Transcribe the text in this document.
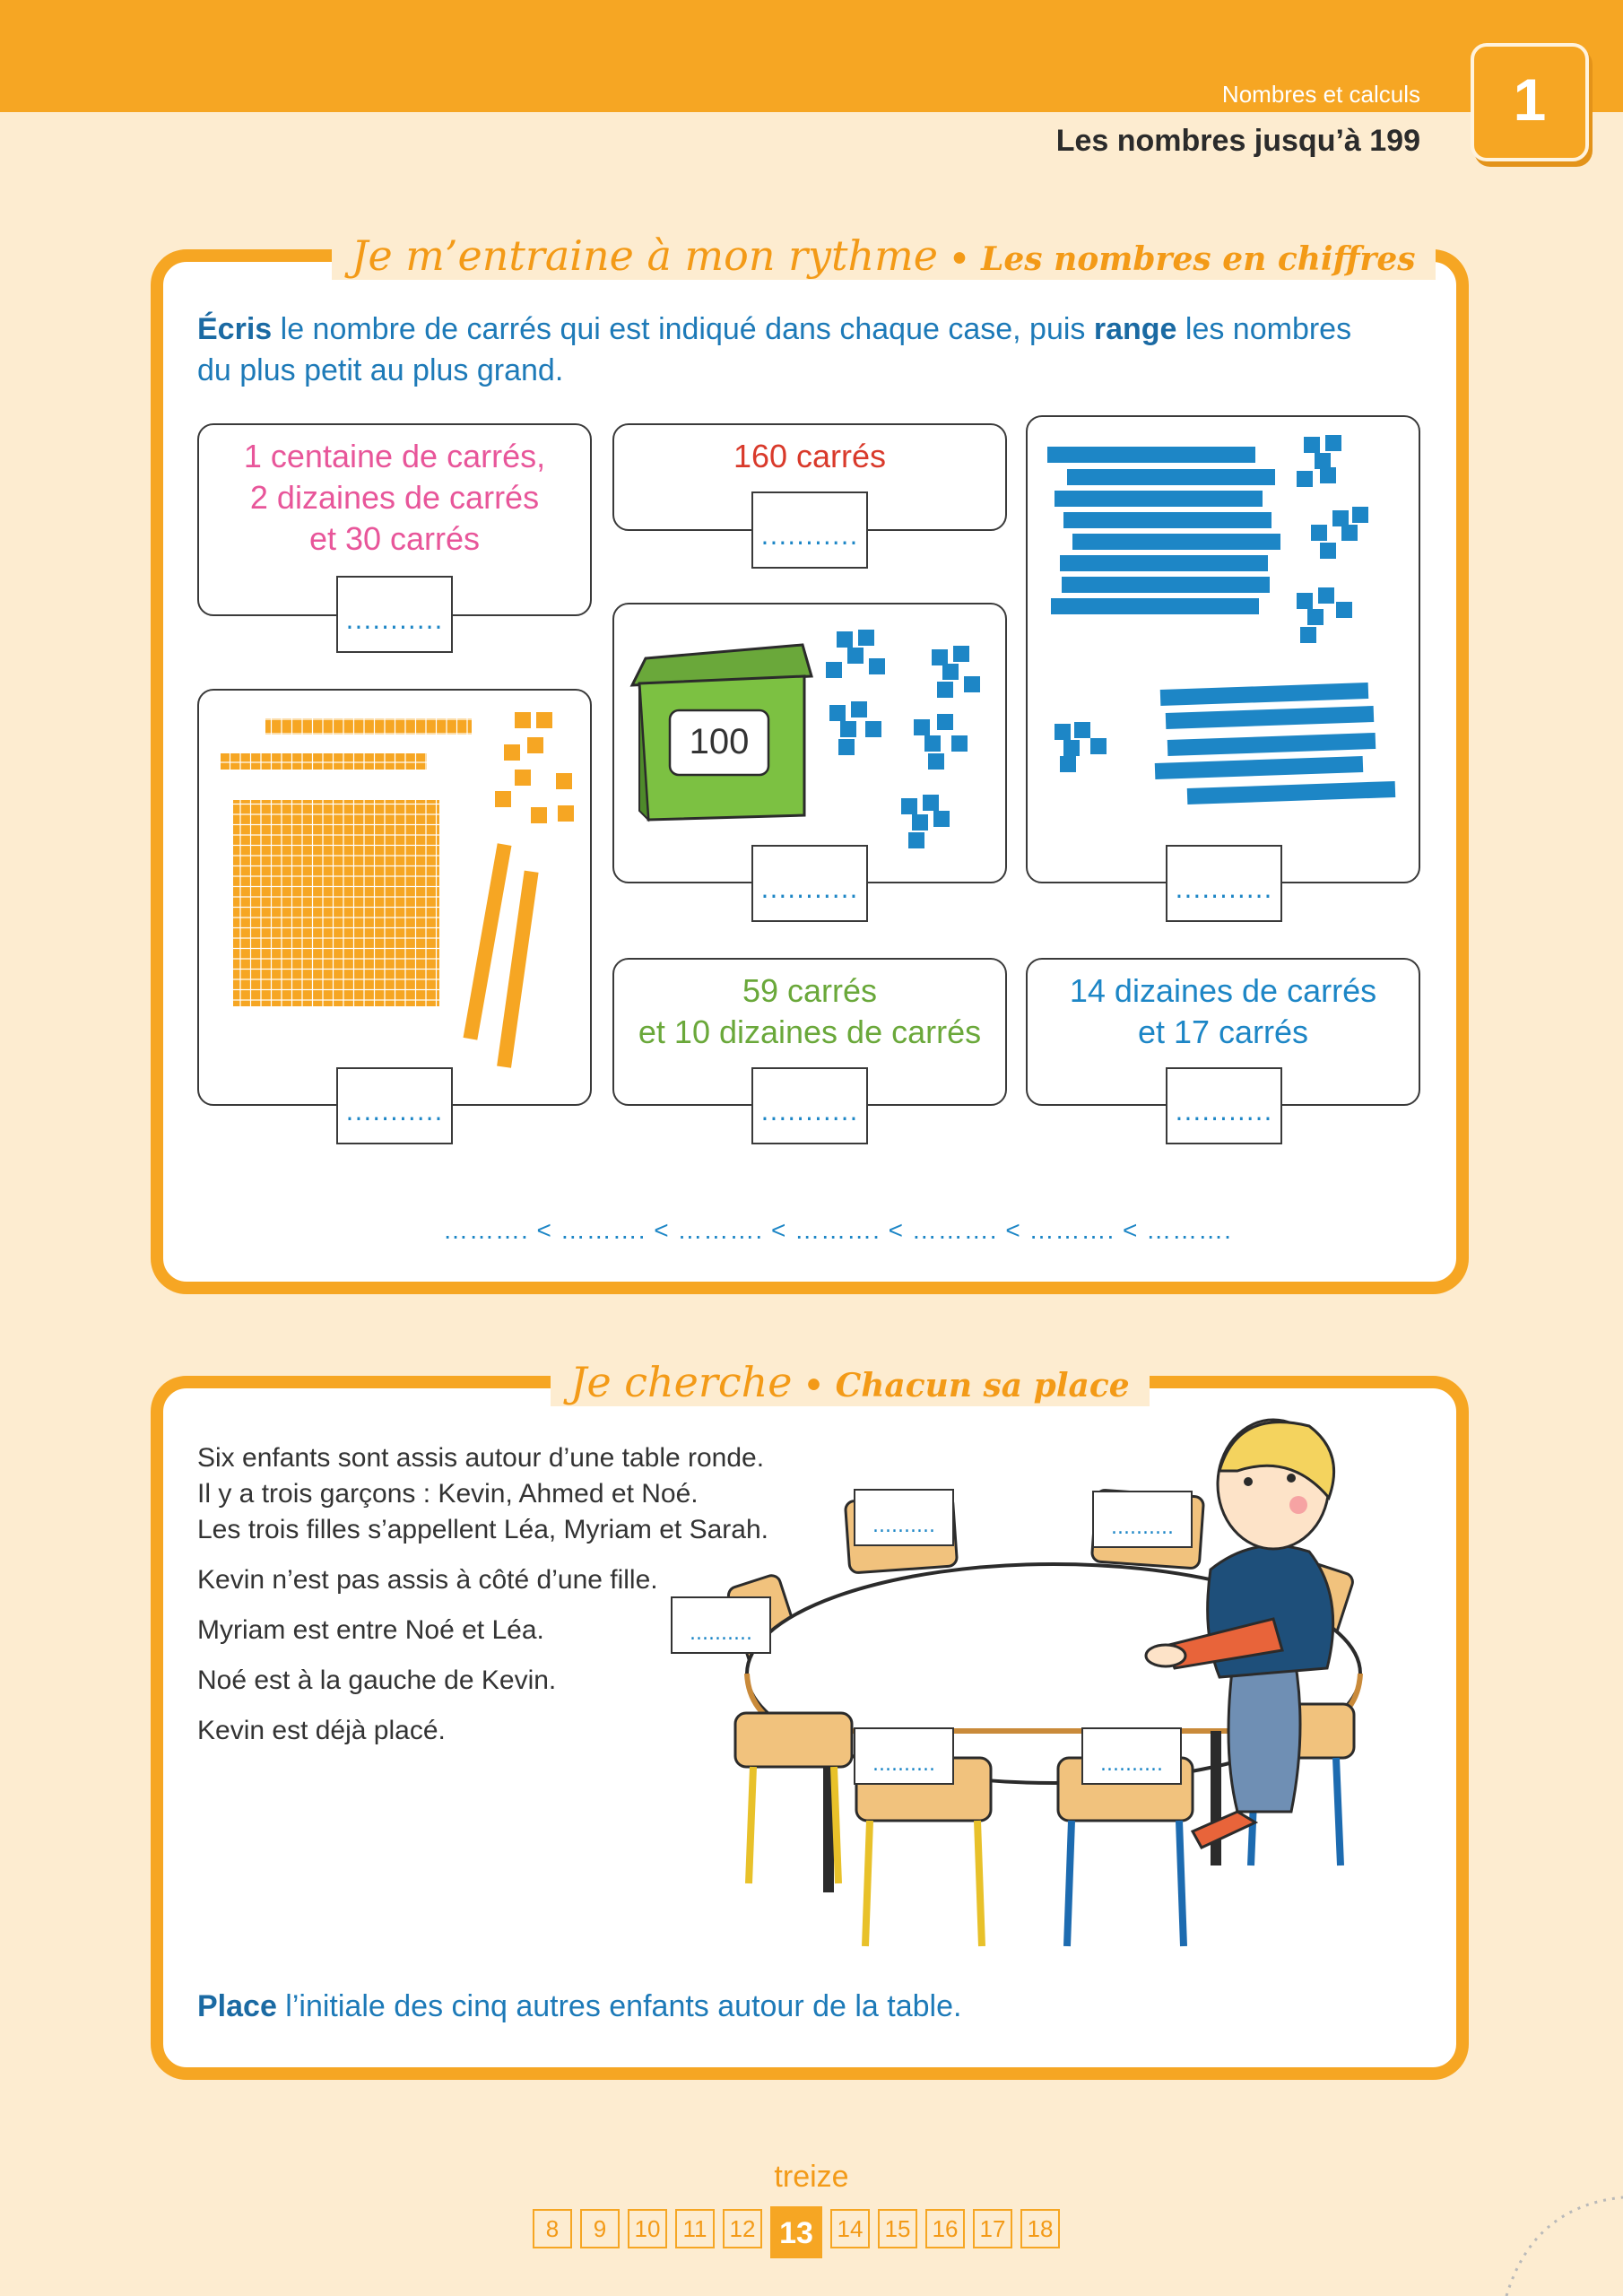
Nombres et calculs
Les nombres jusqu’à 199
1
Je m’entraine à mon rythme • Les nombres en chiffres
Écris le nombre de carrés qui est indiqué dans chaque case, puis range les nombres
du plus petit au plus grand.
1 centaine de carrés,
2 dizaines de carrés
et 30 carrés
...........
160 carrés
...........
...........
100
...........
...........
59 carrés
et 10 dizaines de carrés
...........
14 dizaines de carrés
et 17 carrés
...........
………. < ………. < ………. < ………. < ………. < ………. < ……….
Je cherche • Chacun sa place

Six enfants sont assis autour d’une table ronde.

Il y a trois garçons : Kevin, Ahmed et Noé.

Les trois filles s’appellent Léa, Myriam et Sarah.

Kevin n’est pas assis à côté d’une fille.

Myriam est entre Noé et Léa.

Noé est à la gauche de Kevin.

Kevin est déjà placé.

..........	..........
..........
..........	..........
Place l’initiale des cinq autres enfants autour de la table.
treize
8 9 10 11 12 13 14 15 16 17 18
